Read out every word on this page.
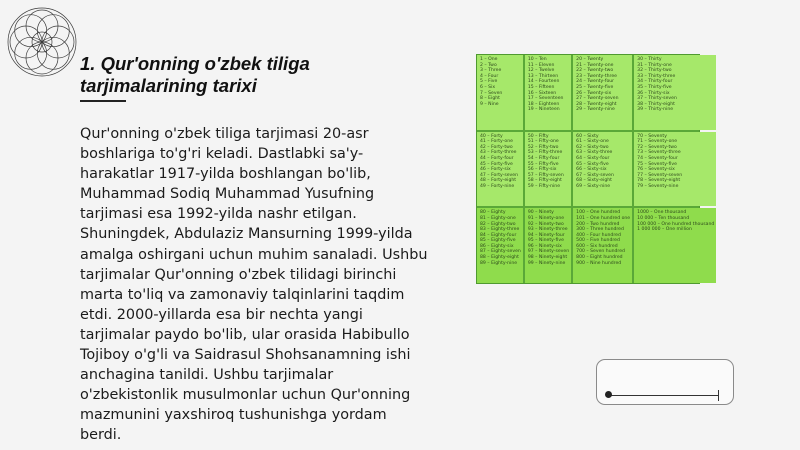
1. Qur'onning o'zbek tiliga tarjimalarining tarixi

Qur'onning o'zbek tiliga tarjimasi 20-asr boshlariga to'g'ri keladi. Dastlabki sa'y-harakatlar 1917-yilda boshlangan bo'lib, Muhammad Sodiq Muhammad Yusufning tarjimasi esa 1992-yilda nashr etilgan. Shuningdek, Abdulaziz Mansurning 1999-yilda amalga oshirgani uchun muhim sanaladi. Ushbu tarjimalar Qur'onning o'zbek tilidagi birinchi marta to'liq va zamonaviy talqinlarini taqdim etdi. 2000-yillarda esa bir nechta yangi tarjimalar paydo bo'lib, ular orasida Habibullo Tojiboy o'g'li va Saidrasul Shohsanamning ishi anchagina tanildi. Ushbu tarjimalar o'zbekistonlik musulmonlar uchun Qur'onning mazmunini yaxshiroq tushunishga yordam berdi.

1 – One
2 – Two
3 – Three
4 – Four
5 – Five
6 – Six
7 – Seven
8 – Eight
9 – Nine
10 – Ten
11 – Eleven
12 – Twelve
13 – Thirteen
14 – Fourteen
15 – Fifteen
16 – Sixteen
17 – Seventeen
18 – Eighteen
19 – Nineteen
20 – Twenty
21 – Twenty-one
22 – Twenty-two
23 – Twenty-three
24 – Twenty-four
25 – Twenty-five
26 – Twenty-six
27 – Twenty-seven
28 – Twenty-eight
29 – Twenty-nine
30 – Thirty
31 – Thirty-one
32 – Thirty-two
33 – Thirty-three
34 – Thirty-four
35 – Thirty-five
36 – Thirty-six
37 – Thirty-seven
38 – Thirty-eight
39 – Thirty-nine
40 – Forty
41 – Forty-one
42 – Forty-two
43 – Forty-three
44 – Forty-four
45 – Forty-five
46 – Forty-six
47 – Forty-seven
48 – Forty-eight
49 – Forty-nine
50 – Fifty
51 – Fifty-one
52 – Fifty-two
53 – Fifty-three
54 – Fifty-four
55 – Fifty-five
56 – Fifty-six
57 – Fifty-seven
58 – Fifty-eight
59 – Fifty-nine
60 – Sixty
61 – Sixty-one
62 – Sixty-two
63 – Sixty-three
64 – Sixty-four
65 – Sixty-five
66 – Sixty-six
67 – Sixty-seven
68 – Sixty-eight
69 – Sixty-nine
70 – Seventy
71 – Seventy-one
72 – Seventy-two
73 – Seventy-three
74 – Seventy-four
75 – Seventy-five
76 – Seventy-six
77 – Seventy-seven
78 – Seventy-eight
79 – Seventy-nine
80 – Eighty
81 – Eighty-one
82 – Eighty-two
83 – Eighty-three
84 – Eighty-four
85 – Eighty-five
86 – Eighty-six
87 – Eighty-seven
88 – Eighty-eight
89 – Eighty-nine
90 – Ninety
91 – Ninety-one
92 – Ninety-two
93 – Ninety-three
94 – Ninety-four
95 – Ninety-five
96 – Ninety-six
97 – Ninety-seven
98 – Ninety-eight
99 – Ninety-nine
100 – One hundred
101 – One hundred one
200 – Two hundred
300 – Three hundred
400 – Four hundred
500 – Five hundred
600 – Six hundred
700 – Seven hundred
800 – Eight hundred
900 – Nine hundred
1000 – One thousand
10 000 – Ten thousand
100 000 – One hundred thousand
1 000 000 – One million
